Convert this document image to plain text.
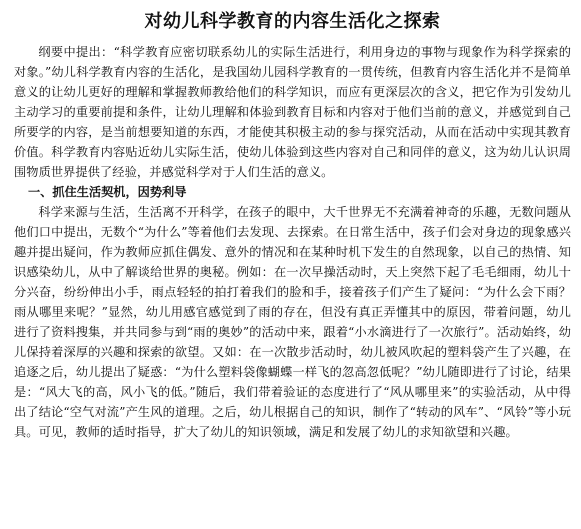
对幼儿科学教育的内容生活化之探索

纲要中提出：“科学教育应密切联系幼儿的实际生活进行，利用身边的事物与现象作为科学探索的对象。”幼儿科学教育内容的生活化，是我国幼儿园科学教育的一贯传统，但教育内容生活化并不是简单意义的让幼儿更好的理解和掌握教师教给他们的科学知识，而应有更深层次的含义，把它作为引发幼儿主动学习的重要前提和条件，让幼儿理解和体验到教育目标和内容对于他们当前的意义，并感觉到自己所要学的内容，是当前想要知道的东西，才能使其积极主动的参与探究活动，从而在活动中实现其教育价值。科学教育内容贴近幼儿实际生活，使幼儿体验到这些内容对自己和同伴的意义，这为幼儿认识周围物质世界提供了经验，并感觉科学对于人们生活的意义。

一、抓住生活契机，因势利导

科学来源与生活，生活离不开科学，在孩子的眼中，大千世界无不充满着神奇的乐趣，无数问题从他们口中提出，无数个“为什么”等着他们去发现、去探索。在日常生活中，孩子们会对身边的现象感兴趣并提出疑问，作为教师应抓住偶发、意外的情况和在某种时机下发生的自然现象，以自己的热情、知识感染幼儿，从中了解谈给世界的奥秘。例如：在一次早操活动时，天上突然下起了毛毛细雨，幼儿十分兴奋，纷纷伸出小手，雨点轻轻的拍打着我们的脸和手，接着孩子们产生了疑问：“为什么会下雨？雨从哪里来呢？”显然，幼儿用感官感觉到了雨的存在，但没有真正弄懂其中的原因，带着问题，幼儿进行了资料搜集，并共同参与到“雨的奥妙”的活动中来，跟着“小水滴进行了一次旅行”。活动始终，幼儿保持着深厚的兴趣和探索的欲望。又如：在一次散步活动时，幼儿被风吹起的塑料袋产生了兴趣，在追逐之后，幼儿提出了疑惑：“为什么塑料袋像蝴蝶一样飞的忽高忽低呢？”幼儿随即进行了讨论，结果是：“风大飞的高，风小飞的低。”随后，我们带着验证的态度进行了“风从哪里来”的实验活动，从中得出了结论“空气对流”产生风的道理。之后，幼儿根据自己的知识，制作了“转动的风车”、“风铃”等小玩具。可见，教师的适时指导，扩大了幼儿的知识领域，满足和发展了幼儿的求知欲望和兴趣。
